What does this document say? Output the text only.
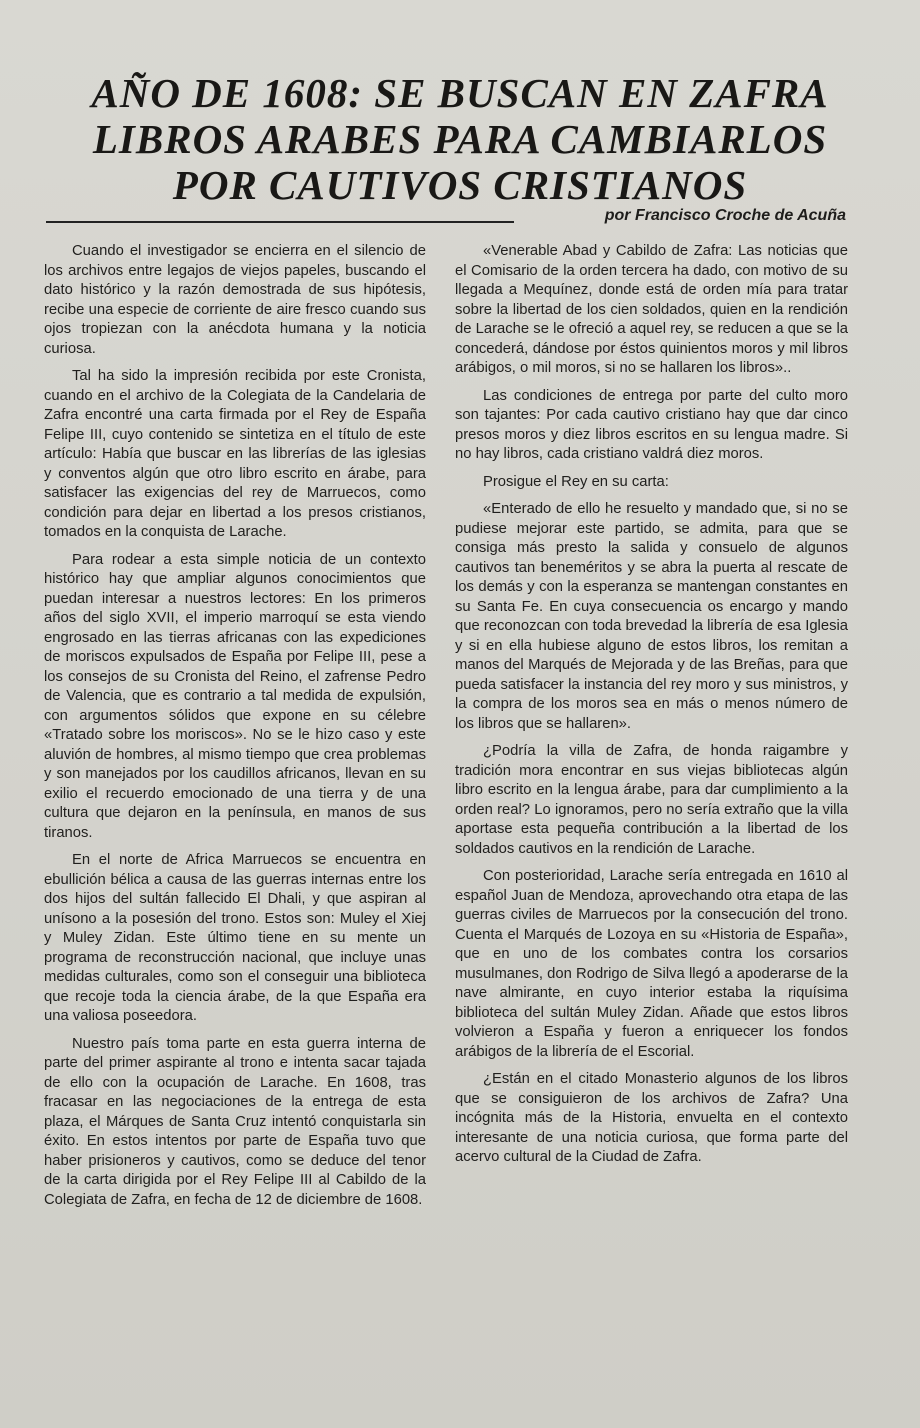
AÑO DE 1608: SE BUSCAN EN ZAFRA
LIBROS ARABES PARA CAMBIARLOS
POR CAUTIVOS CRISTIANOS
por Francisco Croche de Acuña

Cuando el investigador se encierra en el silencio de los archivos entre legajos de viejos papeles, buscando el dato histórico y la razón demostrada de sus hipótesis, recibe una especie de corriente de aire fresco cuando sus ojos tropiezan con la anécdota humana y la noticia curiosa.

Tal ha sido la impresión recibida por este Cronista, cuando en el archivo de la Colegiata de la Candelaria de Zafra encontré una carta firmada por el Rey de España Felipe III, cuyo contenido se sintetiza en el título de este artículo: Había que buscar en las librerías de las iglesias y conventos algún que otro libro escrito en árabe, para satisfacer las exigencias del rey de Marruecos, como condición para dejar en libertad a los presos cristianos, tomados en la conquista de Larache.

Para rodear a esta simple noticia de un contexto histórico hay que ampliar algunos conocimientos que puedan interesar a nuestros lectores: En los primeros años del siglo XVII, el imperio marroquí se esta viendo engrosado en las tierras africanas con las expediciones de moriscos expulsados de España por Felipe III, pese a los consejos de su Cronista del Reino, el zafrense Pedro de Valencia, que es contrario a tal medida de expulsión, con argumentos sólidos que expone en su célebre «Tratado sobre los moriscos». No se le hizo caso y este aluvión de hombres, al mismo tiempo que crea problemas y son manejados por los caudillos africanos, llevan en su exilio el recuerdo emocionado de una tierra y de una cultura que dejaron en la península, en manos de sus tiranos.

En el norte de Africa Marruecos se encuentra en ebullición bélica a causa de las guerras internas entre los dos hijos del sultán fallecido El Dhali, y que aspiran al unísono a la posesión del trono. Estos son: Muley el Xiej y Muley Zidan. Este último tiene en su mente un programa de reconstrucción nacional, que incluye unas medidas culturales, como son el conseguir una biblioteca que recoje toda la ciencia árabe, de la que España era una valiosa poseedora.

Nuestro país toma parte en esta guerra interna de parte del primer aspirante al trono e intenta sacar tajada de ello con la ocupación de Larache. En 1608, tras fracasar en las negociaciones de la entrega de esta plaza, el Márques de Santa Cruz intentó conquistarla sin éxito. En estos intentos por parte de España tuvo que haber prisioneros y cautivos, como se deduce del tenor de la carta dirigida por el Rey Felipe III al Cabildo de la Colegiata de Zafra, en fecha de 12 de diciembre de 1608.

«Venerable Abad y Cabildo de Zafra: Las noticias que el Comisario de la orden tercera ha dado, con motivo de su llegada a Mequínez, donde está de orden mía para tratar sobre la libertad de los cien soldados, quien en la rendición de Larache se le ofreció a aquel rey, se reducen a que se la concederá, dándose por éstos quinientos moros y mil libros arábigos, o mil moros, si no se hallaren los libros»..

Las condiciones de entrega por parte del culto moro son tajantes: Por cada cautivo cristiano hay que dar cinco presos moros y diez libros escritos en su lengua madre. Si no hay libros, cada cristiano valdrá diez moros.

Prosigue el Rey en su carta:

«Enterado de ello he resuelto y mandado que, si no se pudiese mejorar este partido, se admita, para que se consiga más presto la salida y consuelo de algunos cautivos tan beneméritos y se abra la puerta al rescate de los demás y con la esperanza se mantengan constantes en su Santa Fe. En cuya consecuencia os encargo y mando que reconozcan con toda brevedad la librería de esa Iglesia y si en ella hubiese alguno de estos libros, los remitan a manos del Marqués de Mejorada y de las Breñas, para que pueda satisfacer la instancia del rey moro y sus ministros, y la compra de los moros sea en más o menos número de los libros que se hallaren».

¿Podría la villa de Zafra, de honda raigambre y tradición mora encontrar en sus viejas bibliotecas algún libro escrito en la lengua árabe, para dar cumplimiento a la orden real? Lo ignoramos, pero no sería extraño que la villa aportase esta pequeña contribución a la libertad de los soldados cautivos en la rendición de Larache.

Con posterioridad, Larache sería entregada en 1610 al español Juan de Mendoza, aprovechando otra etapa de las guerras civiles de Marruecos por la consecución del trono. Cuenta el Marqués de Lozoya en su «Historia de España», que en uno de los combates contra los corsarios musulmanes, don Rodrigo de Silva llegó a apoderarse de la nave almirante, en cuyo interior estaba la riquísima biblioteca del sultán Muley Zidan. Añade que estos libros volvieron a España y fueron a enriquecer los fondos arábigos de la librería de el Escorial.

¿Están en el citado Monasterio algunos de los libros que se consiguieron de los archivos de Zafra? Una incógnita más de la Historia, envuelta en el contexto interesante de una noticia curiosa, que forma parte del acervo cultural de la Ciudad de Zafra.
